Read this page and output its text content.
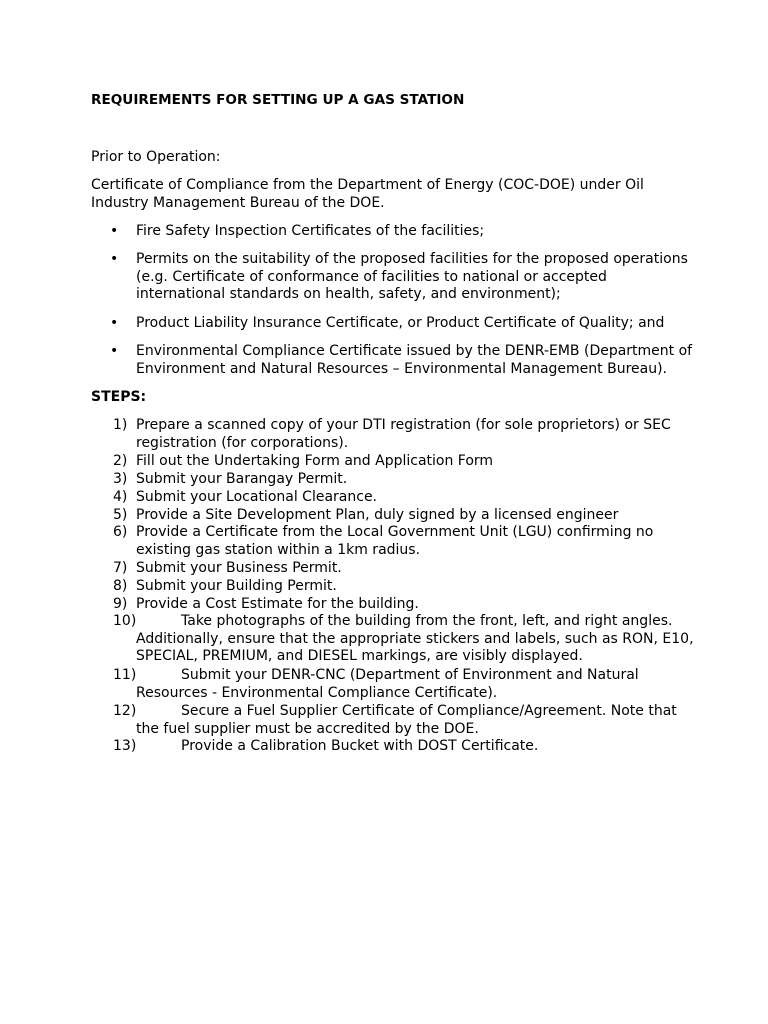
REQUIREMENTS FOR SETTING UP A GAS STATION

Prior to Operation:

Certificate of Compliance from the Department of Energy (COC-DOE) under Oil Industry Management Bureau of the DOE.

• Fire Safety Inspection Certificates of the facilities;
• Permits on the suitability of the proposed facilities for the proposed operations (e.g. Certificate of conformance of facilities to national or accepted international standards on health, safety, and environment);
• Product Liability Insurance Certificate, or Product Certificate of Quality; and
• Environmental Compliance Certificate issued by the DENR-EMB (Department of Environment and Natural Resources – Environmental Management Bureau).

STEPS:

1) Prepare a scanned copy of your DTI registration (for sole proprietors) or SEC registration (for corporations).
2) Fill out the Undertaking Form and Application Form
3) Submit your Barangay Permit.
4) Submit your Locational Clearance.
5) Provide a Site Development Plan, duly signed by a licensed engineer
6) Provide a Certificate from the Local Government Unit (LGU) confirming no existing gas station within a 1km radius.
7) Submit your Business Permit.
8) Submit your Building Permit.
9) Provide a Cost Estimate for the building.
10)	Take photographs of the building from the front, left, and right angles. Additionally, ensure that the appropriate stickers and labels, such as RON, E10, SPECIAL, PREMIUM, and DIESEL markings, are visibly displayed.
11)	Submit your DENR-CNC (Department of Environment and Natural Resources - Environmental Compliance Certificate).
12)	Secure a Fuel Supplier Certificate of Compliance/Agreement. Note that the fuel supplier must be accredited by the DOE.
13)	Provide a Calibration Bucket with DOST Certificate.
